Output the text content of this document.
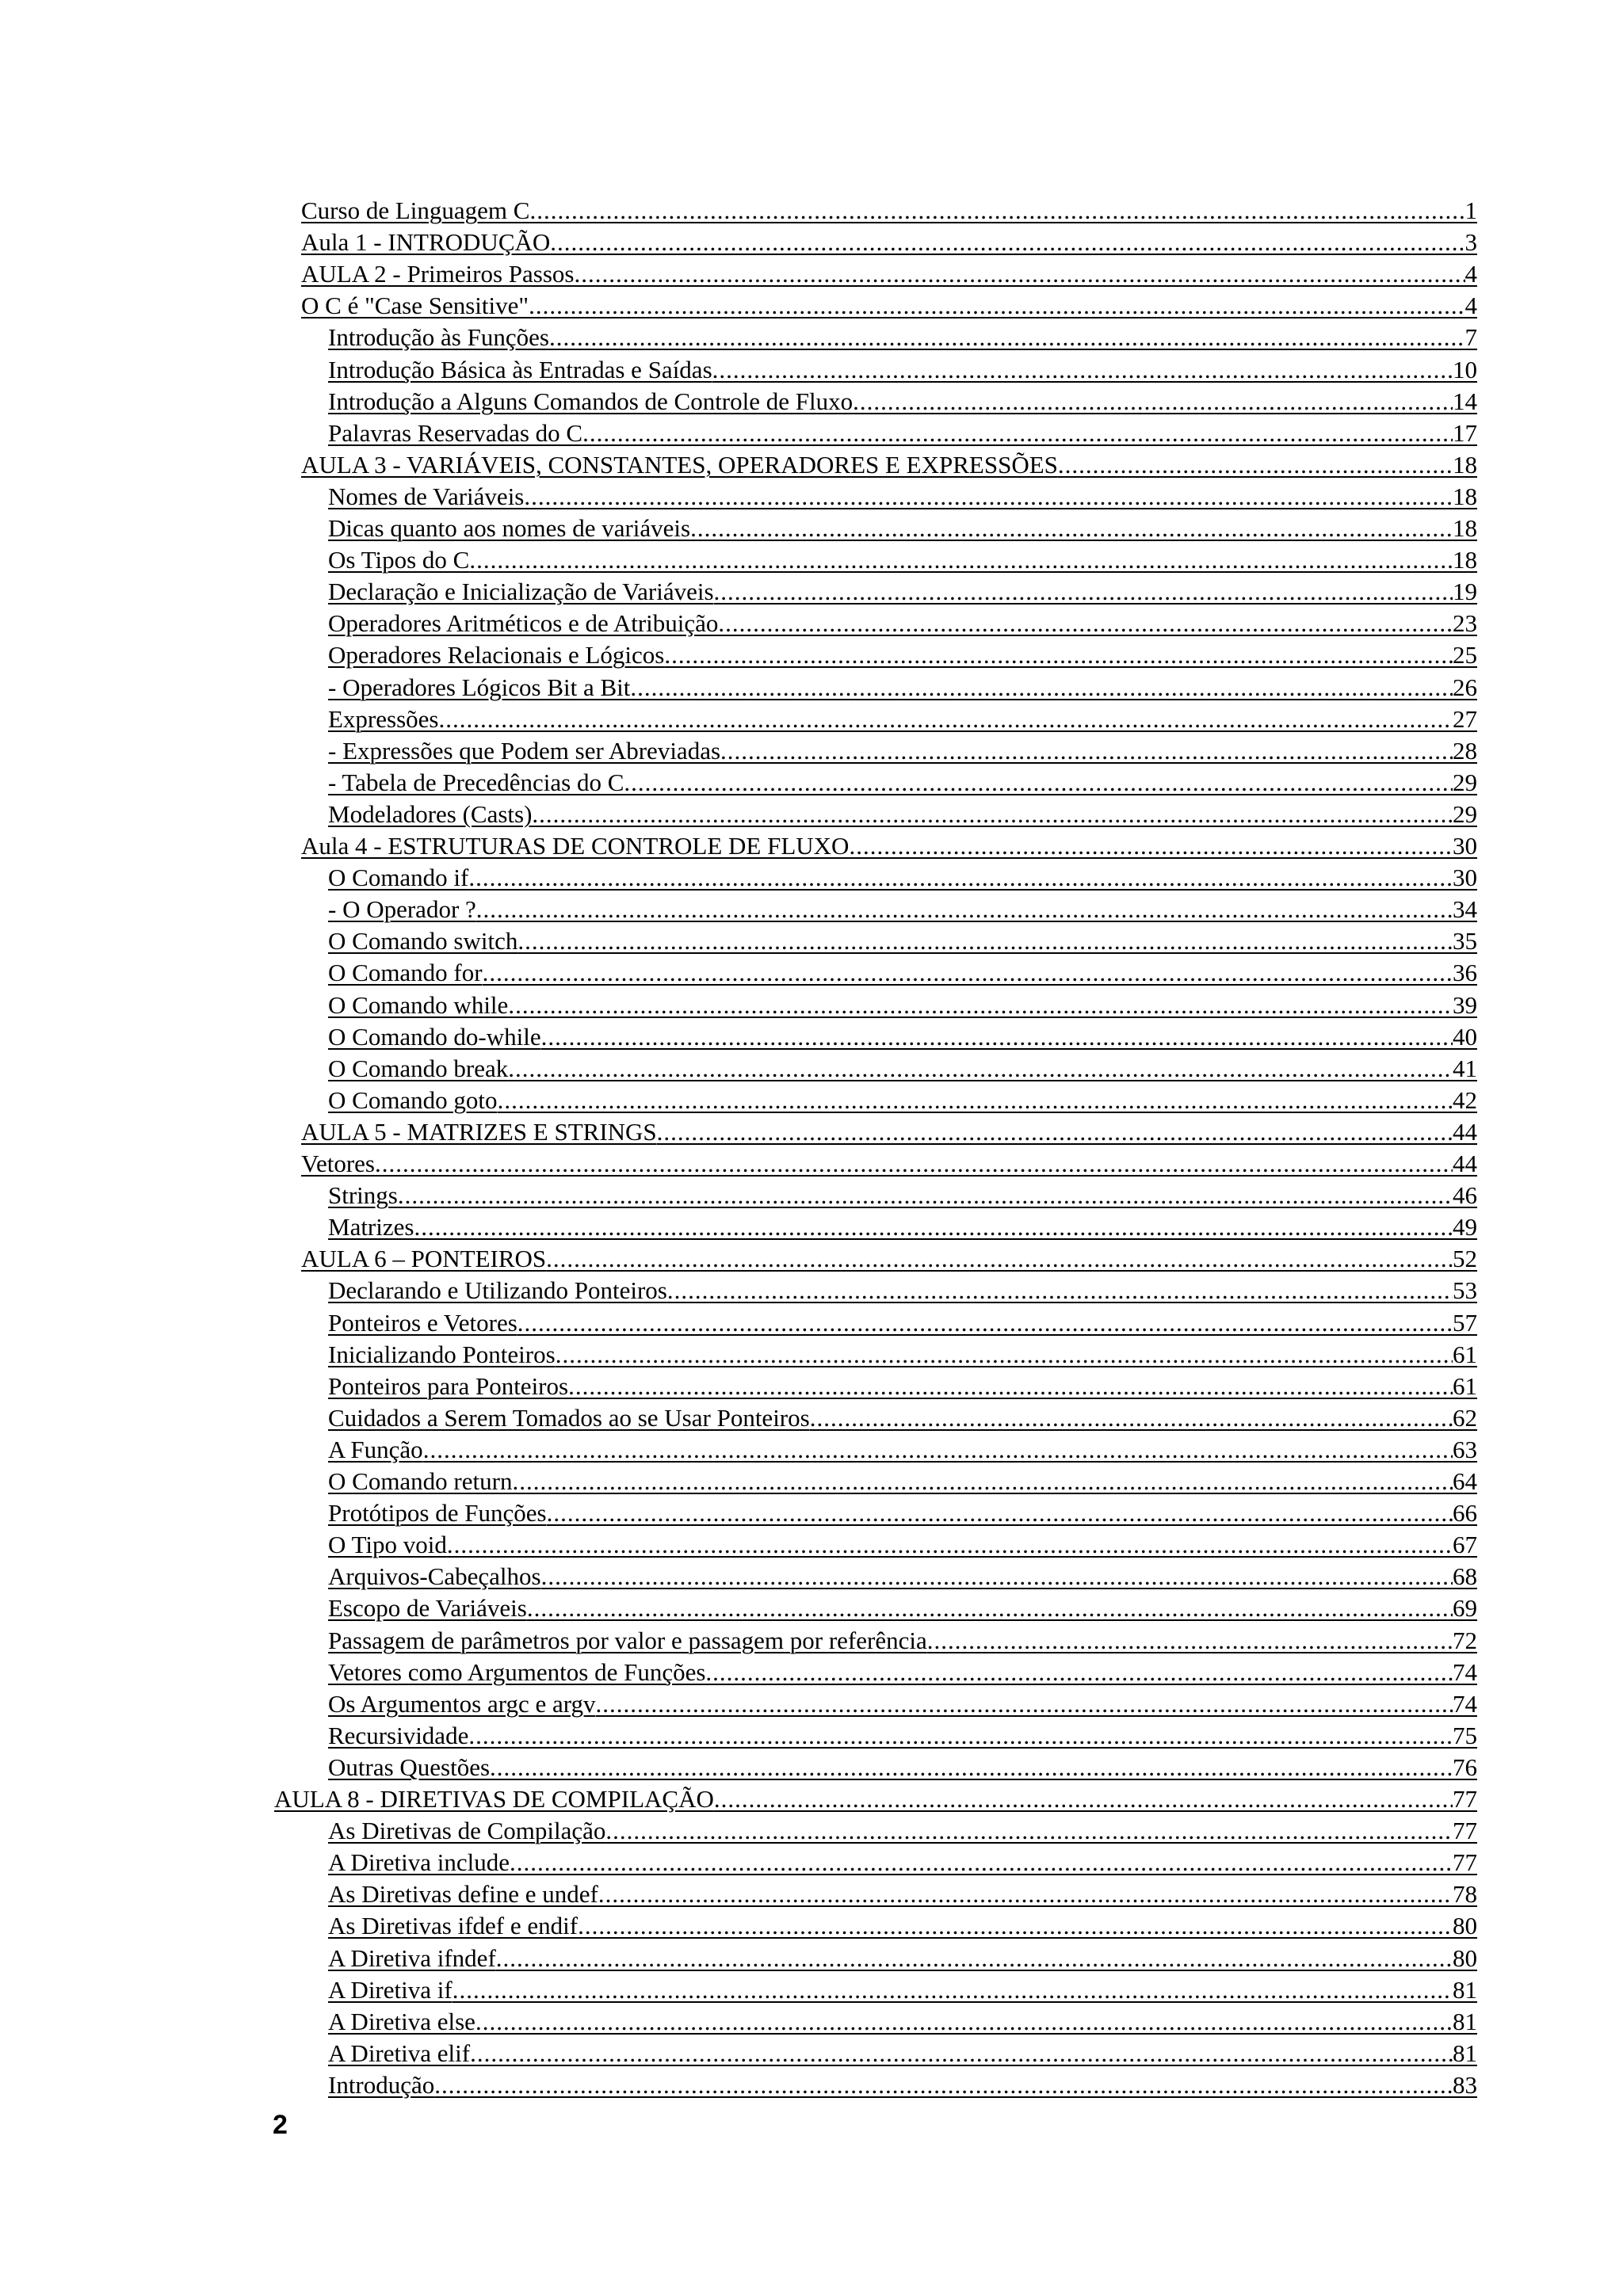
Curso de Linguagem C .....	1
Aula 1 - INTRODUÇÃO .....	3
AULA 2 - Primeiros Passos .....	4
O C é "Case Sensitive" .....	4
Introdução às Funções .....	7
Introdução Básica às Entradas e Saídas .....	10
Introdução a Alguns Comandos de Controle de Fluxo .....	14
Palavras Reservadas do C .....	17
AULA 3 - VARIÁVEIS, CONSTANTES, OPERADORES E EXPRESSÕES .....	18
Nomes de Variáveis .....	18
Dicas quanto aos nomes de variáveis .....	18
Os Tipos do C .....	18
Declaração e Inicialização de Variáveis .....	19
Operadores Aritméticos e de Atribuição .....	23
Operadores Relacionais e Lógicos .....	25
- Operadores Lógicos Bit a Bit .....	26
Expressões .....	27
- Expressões que Podem ser Abreviadas .....	28
- Tabela de Precedências do C .....	29
Modeladores (Casts) .....	29
Aula 4 - ESTRUTURAS DE CONTROLE DE FLUXO .....	30
O Comando if .....	30
- O Operador ? .....	34
O Comando switch .....	35
O Comando for .....	36
O Comando while .....	39
O Comando do-while .....	40
O Comando break .....	41
O Comando goto .....	42
AULA 5 - MATRIZES E STRINGS .....	44
Vetores .....	44
Strings .....	46
Matrizes .....	49
AULA 6 – PONTEIROS .....	52
Declarando e Utilizando Ponteiros .....	53
Ponteiros e Vetores .....	57
Inicializando Ponteiros .....	61
Ponteiros para Ponteiros .....	61
Cuidados a Serem Tomados ao se Usar Ponteiros .....	62
A Função .....	63
O Comando return .....	64
Protótipos de Funções .....	66
O Tipo void .....	67
Arquivos-Cabeçalhos .....	68
Escopo de Variáveis .....	69
Passagem de parâmetros por valor e passagem por referência .....	72
Vetores como Argumentos de Funções .....	74
Os Argumentos argc e argv .....	74
Recursividade .....	75
Outras Questões .....	76
AULA 8 - DIRETIVAS DE COMPILAÇÃO .....	77
As Diretivas de Compilação .....	77
A Diretiva include .....	77
As Diretivas define e undef .....	78
As Diretivas ifdef e endif .....	80
A Diretiva ifndef .....	80
A Diretiva if .....	81
A Diretiva else .....	81
A Diretiva elif .....	81
Introdução .....	83
2
